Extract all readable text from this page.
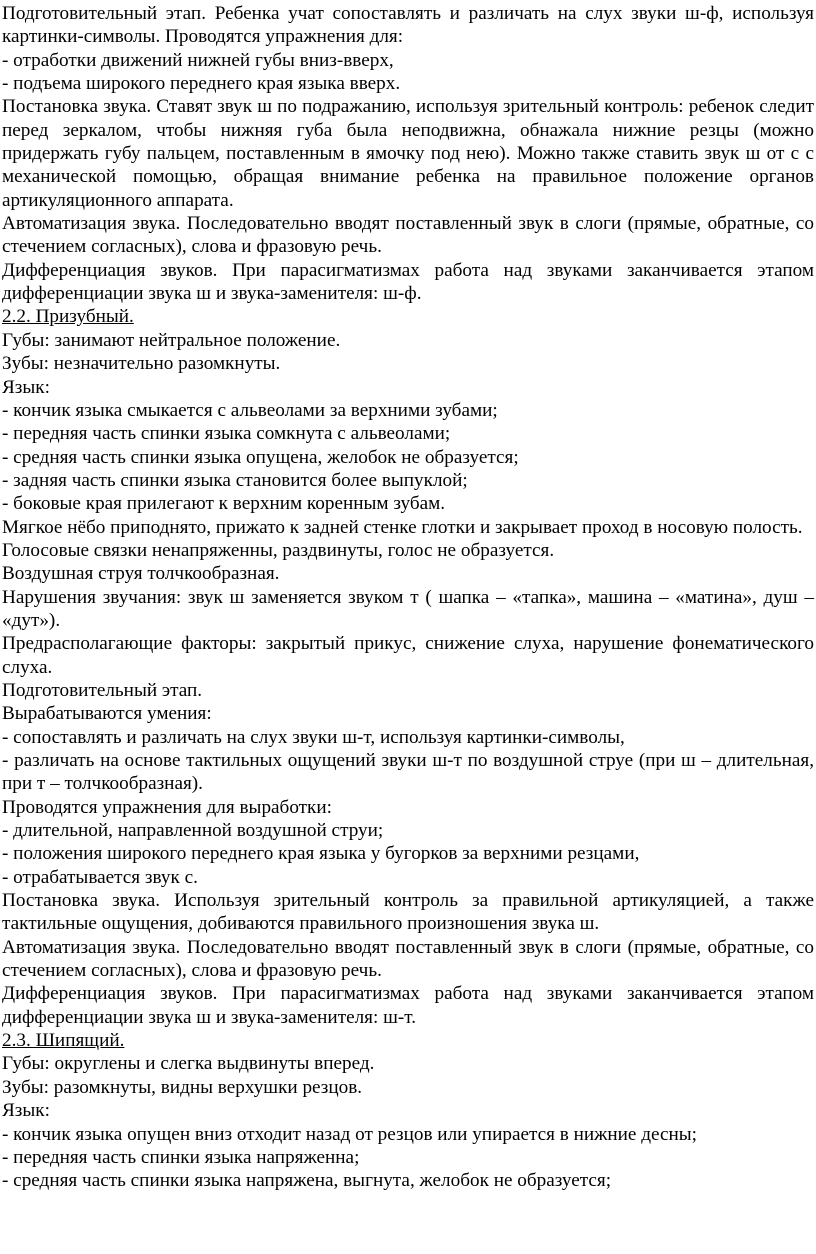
Подготовительный этап. Ребенка учат сопоставлять и различать на слух звуки ш-ф, используя картинки-символы. Проводятся упражнения для:

- отработки движений нижней губы вниз-вверх,

- подъема широкого переднего края языка вверх.

Постановка звука. Ставят звук ш по подражанию, используя зрительный контроль: ребенок следит перед зеркалом, чтобы нижняя губа была неподвижна, обнажала нижние резцы (можно придержать губу пальцем, поставленным в ямочку под нею). Можно также ставить звук ш от с с механической помощью, обращая внимание ребенка на правильное положение органов артикуляционного аппарата.

Автоматизация звука. Последовательно вводят поставленный звук в слоги (прямые, обратные, со стечением согласных), слова и фразовую речь.

Дифференциация звуков. При парасигматизмах работа над звуками заканчивается этапом дифференциации звука ш и звука-заменителя: ш-ф.

2.2. Призубный.

Губы: занимают нейтральное положение.

Зубы: незначительно разомкнуты.

Язык:

- кончик языка смыкается с альвеолами за верхними зубами;

- передняя часть спинки языка сомкнута с альвеолами;

- средняя часть спинки языка опущена, желобок не образуется;

- задняя часть спинки языка становится более выпуклой;

- боковые края прилегают к верхним коренным зубам.

Мягкое нёбо приподнято, прижато к задней стенке глотки и закрывает проход в носовую полость.

Голосовые связки ненапряженны, раздвинуты, голос не образуется.

Воздушная струя толчкообразная.

Нарушения звучания: звук ш заменяется звуком т ( шапка – «тапка», машина – «матина», душ – «дут»).

Предрасполагающие факторы: закрытый прикус, снижение слуха, нарушение фонематического слуха.

Подготовительный этап.

Вырабатываются умения:

- сопоставлять и различать на слух звуки ш-т, используя картинки-символы,

- различать на основе тактильных ощущений звуки ш-т по воздушной струе (при ш – длительная, при т – толчкообразная).

Проводятся упражнения для выработки:

- длительной, направленной воздушной струи;

- положения широкого переднего края языка у бугорков за верхними резцами,

- отрабатывается звук с.

Постановка звука. Используя зрительный контроль за правильной артикуляцией, а также тактильные ощущения, добиваются правильного произношения звука ш.

Автоматизация звука. Последовательно вводят поставленный звук в слоги (прямые, обратные, со стечением согласных), слова и фразовую речь.

Дифференциация звуков. При парасигматизмах работа над звуками заканчивается этапом дифференциации звука ш и звука-заменителя: ш-т.

2.3. Шипящий.

Губы: округлены и слегка выдвинуты вперед.

Зубы: разомкнуты, видны верхушки резцов.

Язык:

- кончик языка опущен вниз отходит назад от резцов или упирается в нижние десны;

- передняя часть спинки языка напряженна;

- средняя часть спинки языка напряжена, выгнута, желобок не образуется;
